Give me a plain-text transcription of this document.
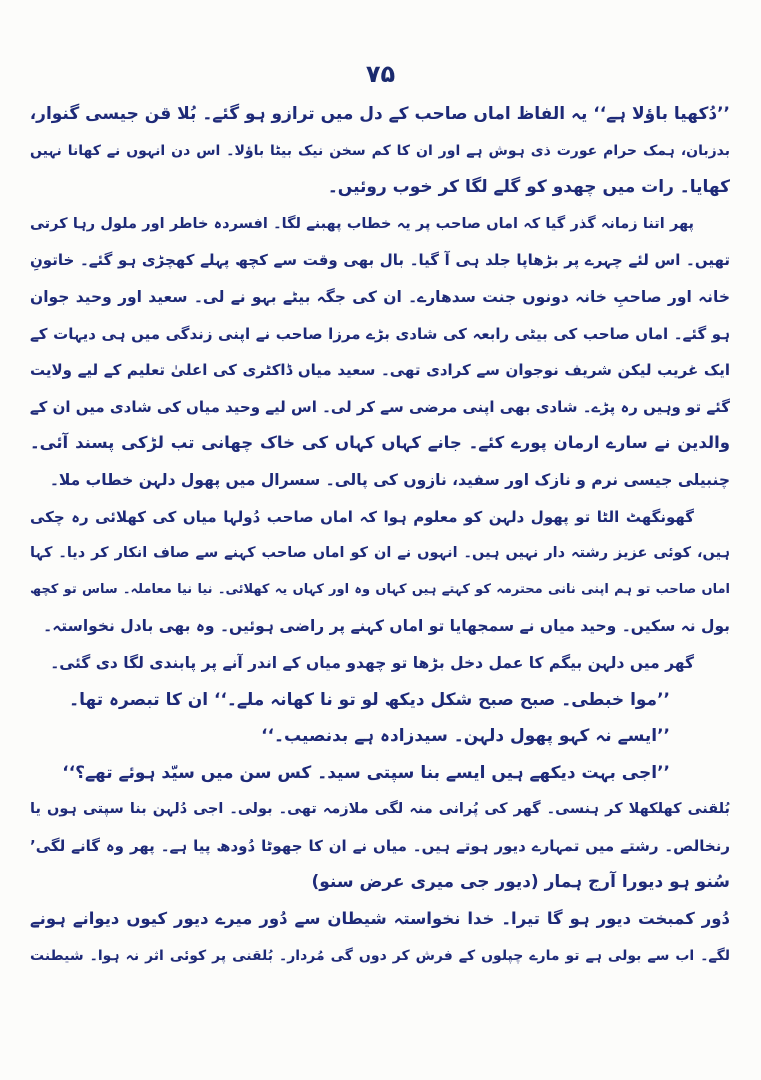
۷۵
’’دُکھیا باؤلا ہے‘‘ یہ الفاظ اماں صاحب کے دل میں ترازو ہو گئے۔ بُلا قن جیسی گنوار،
بدزبان، ہمک حرام عورت ذی ہوش ہے اور ان کا کم سخن نیک بیٹا باؤلا۔ اس دن انہوں نے کھانا نہیں
کھایا۔ رات میں چھدو کو گلے لگا کر خوب روئیں۔
پھر اتنا زمانہ گذر گیا کہ اماں صاحب پر یہ خطاب پھبنے لگا۔ افسردہ خاطر اور ملول رہا کرتی
تھیں۔ اس لئے چہرے پر بڑھاپا جلد ہی آ گیا۔ بال بھی وقت سے کچھ پہلے کھچڑی ہو گئے۔ خاتونِ
خانہ اور صاحبِ خانہ دونوں جنت سدھارے۔ ان کی جگہ بیٹے بہو نے لی۔ سعید اور وحید جوان
ہو گئے۔ اماں صاحب کی بیٹی رابعہ کی شادی بڑے مرزا صاحب نے اپنی زندگی میں ہی دیہات کے
ایک غریب لیکن شریف نوجوان سے کرادی تھی۔ سعید میاں ڈاکٹری کی اعلیٰ تعلیم کے لیے ولایت
گئے تو وہیں رہ پڑے۔ شادی بھی اپنی مرضی سے کر لی۔ اس لیے وحید میاں کی شادی میں ان کے
والدین نے سارے ارمان پورے کئے۔ جانے کہاں کہاں کی خاک چھانی تب لڑکی پسند آئی۔
چنبیلی جیسی نرم و نازک اور سفید، نازوں کی پالی۔ سسرال میں پھول دلہن خطاب ملا۔
گھونگھٹ الٹا تو پھول دلہن کو معلوم ہوا کہ اماں صاحب دُولہا میاں کی کھلائی رہ چکی
ہیں، کوئی عزیز رشتہ دار نہیں ہیں۔ انہوں نے ان کو اماں صاحب کہنے سے صاف انکار کر دیا۔ کہا
اماں صاحب تو ہم اپنی نانی محترمہ کو کہتے ہیں کہاں وہ اور کہاں یہ کھلائی۔ نیا نیا معاملہ۔ ساس تو کچھ
بول نہ سکیں۔ وحید میاں نے سمجھایا تو اماں کہنے پر راضی ہوئیں۔ وہ بھی بادل نخواستہ۔
گھر میں دلہن بیگم کا عمل دخل بڑھا تو چھدو میاں کے اندر آنے پر پابندی لگا دی گئی۔
’’موا خبطی۔ صبح صبح شکل دیکھ لو تو نا کھانہ ملے۔‘‘ ان کا تبصرہ تھا۔
’’ایسے نہ کہو پھول دلہن۔ سیدزادہ ہے بدنصیب۔‘‘
’’اجی بہت دیکھے ہیں ایسے بنا سپتی سید۔ کس سن میں سیّد ہوئے تھے؟‘‘
بُلقنی کھلکھلا کر ہنسی۔ گھر کی پُرانی منہ لگی ملازمہ تھی۔ بولی۔ اجی دُلہن بنا سپتی ہوں یا
رنخالص۔ رشتے میں تمہارے دیور ہوتے ہیں۔ میاں نے ان کا جھوٹا دُودھ پیا ہے۔ پھر وہ گانے لگی’
سُنو ہو دیورا آرج ہمار (دیور جی میری عرض سنو)
دُور کمبخت دیور ہو گا تیرا۔ خدا نخواستہ شیطان سے دُور میرے دیور کیوں دیوانے ہونے
لگے۔ اب سے بولی ہے تو مارے چپلوں کے فرش کر دوں گی مُردار۔ بُلقنی پر کوئی اثر نہ ہوا۔ شیطنت
